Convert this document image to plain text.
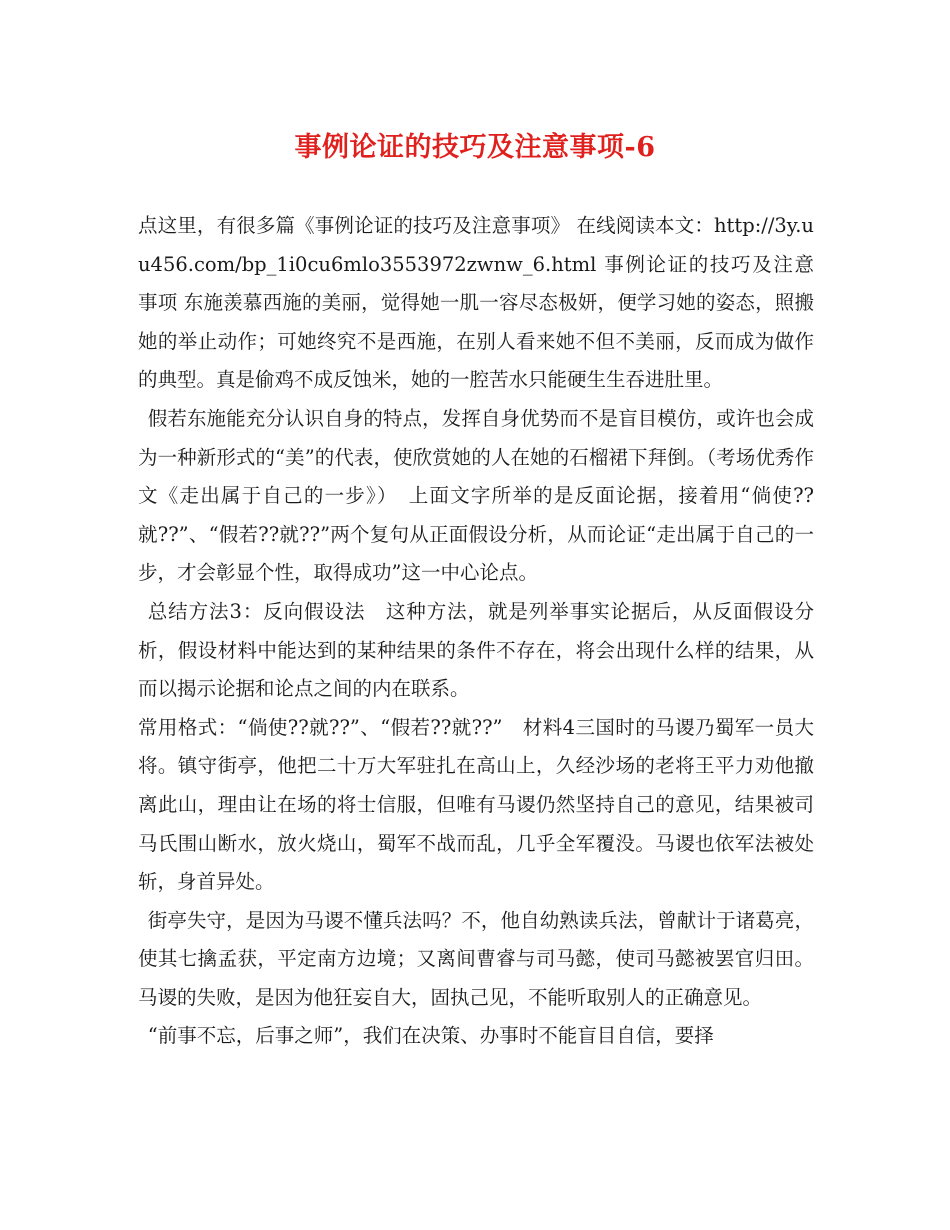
事例论证的技巧及注意事项-6

点这里，有很多篇《事例论证的技巧及注意事项》 在线阅读本文：http://3y.uu456.com/bp_1i0cu6mlo3553972zwnw_6.html 事例论证的技巧及注意事项 东施羡慕西施的美丽，觉得她一肌一容尽态极妍，便学习她的姿态，照搬她的举止动作；可她终究不是西施，在别人看来她不但不美丽，反而成为做作的典型。真是偷鸡不成反蚀米，她的一腔苦水只能硬生生吞进肚里。

假若东施能充分认识自身的特点，发挥自身优势而不是盲目模仿，或许也会成为一种新形式的“美”的代表，使欣赏她的人在她的石榴裙下拜倒。（考场优秀作文《走出属于自己的一步》）　上面文字所举的是反面论据，接着用“倘使??就??”、“假若??就??”两个复句从正面假设分析，从而论证“走出属于自己的一步，才会彰显个性，取得成功”这一中心论点。

总结方法3：反向假设法　这种方法，就是列举事实论据后，从反面假设分析，假设材料中能达到的某种结果的条件不存在，将会出现什么样的结果，从而以揭示论据和论点之间的内在联系。

常用格式：“倘使??就??”、“假若??就??”　材料4三国时的马谡乃蜀军一员大将。镇守街亭，他把二十万大军驻扎在高山上，久经沙场的老将王平力劝他撤离此山，理由让在场的将士信服，但唯有马谡仍然坚持自己的意见，结果被司马氏围山断水，放火烧山，蜀军不战而乱，几乎全军覆没。马谡也依军法被处斩，身首异处。

街亭失守，是因为马谡不懂兵法吗？不，他自幼熟读兵法，曾献计于诸葛亮，使其七擒孟获，平定南方边境；又离间曹睿与司马懿，使司马懿被罢官归田。马谡的失败，是因为他狂妄自大，固执己见，不能听取别人的正确意见。

“前事不忘，后事之师”，我们在决策、办事时不能盲目自信，要择
